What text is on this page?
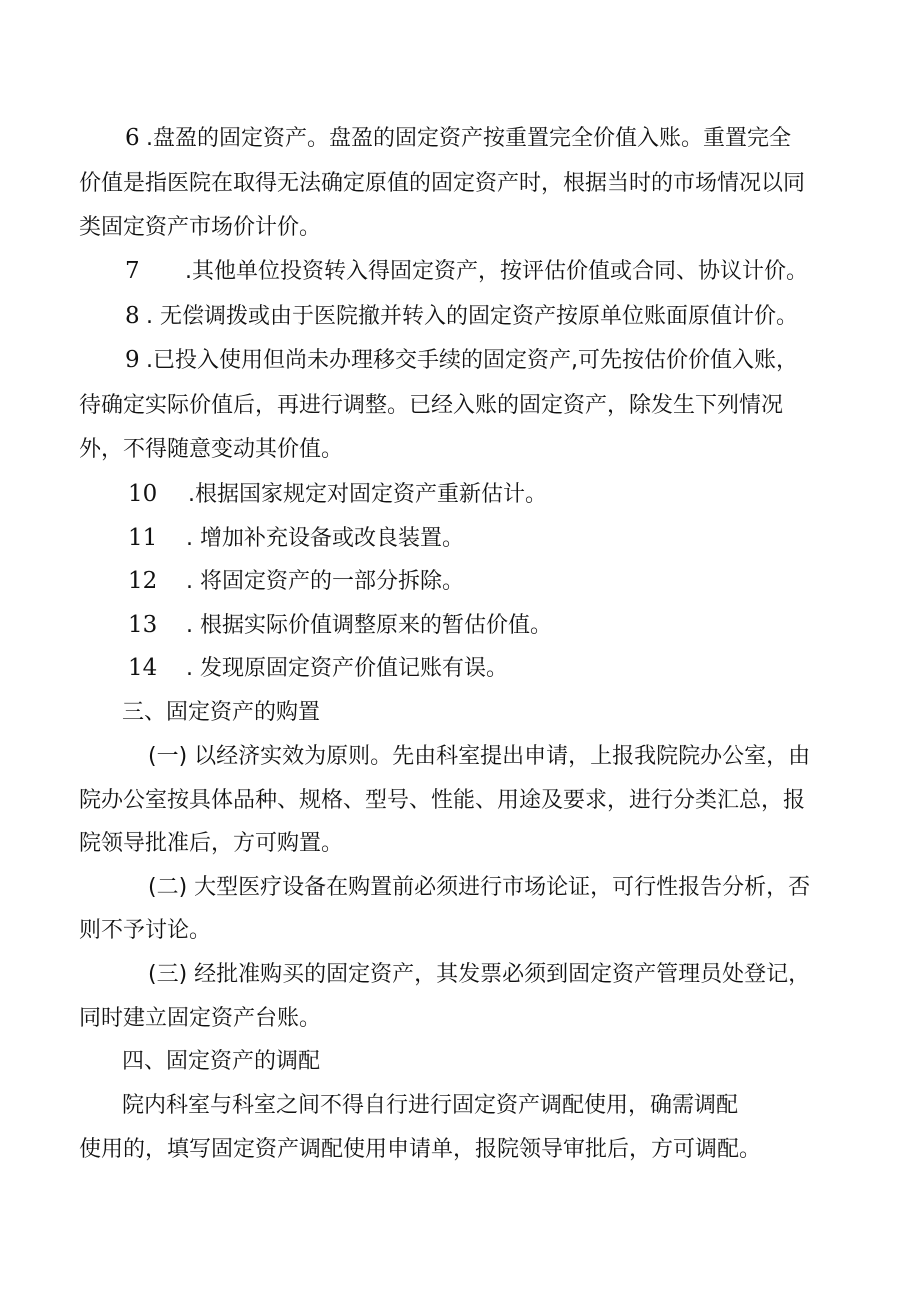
6 .盘盈的固定资产。盘盈的固定资产按重置完全价值入账。重置完全

价值是指医院在取得无法确定原值的固定资产时，根据当时的市场情况以同

类固定资产市场价计价。

7 .其他单位投资转入得固定资产，按评估价值或合同、协议计价。

8 . 无偿调拨或由于医院撤并转入的固定资产按原单位账面原值计价。

9 .已投入使用但尚未办理移交手续的固定资产,可先按估价价值入账，

待确定实际价值后，再进行调整。已经入账的固定资产，除发生下列情况

外，不得随意变动其价值。

10 .根据国家规定对固定资产重新估计。

11 . 增加补充设备或改良装置。

12 . 将固定资产的一部分拆除。

13 . 根据实际价值调整原来的暂估价值。

14 . 发现原固定资产价值记账有误。

三、固定资产的购置

(一) 以经济实效为原则。先由科室提出申请，上报我院院办公室，由

院办公室按具体品种、规格、型号、性能、用途及要求，进行分类汇总，报

院领导批准后，方可购置。

(二) 大型医疗设备在购置前必须进行市场论证，可行性报告分析，否

则不予讨论。

(三) 经批准购买的固定资产，其发票必须到固定资产管理员处登记，

同时建立固定资产台账。

四、固定资产的调配

院内科室与科室之间不得自行进行固定资产调配使用，确需调配

使用的，填写固定资产调配使用申请单，报院领导审批后，方可调配。
